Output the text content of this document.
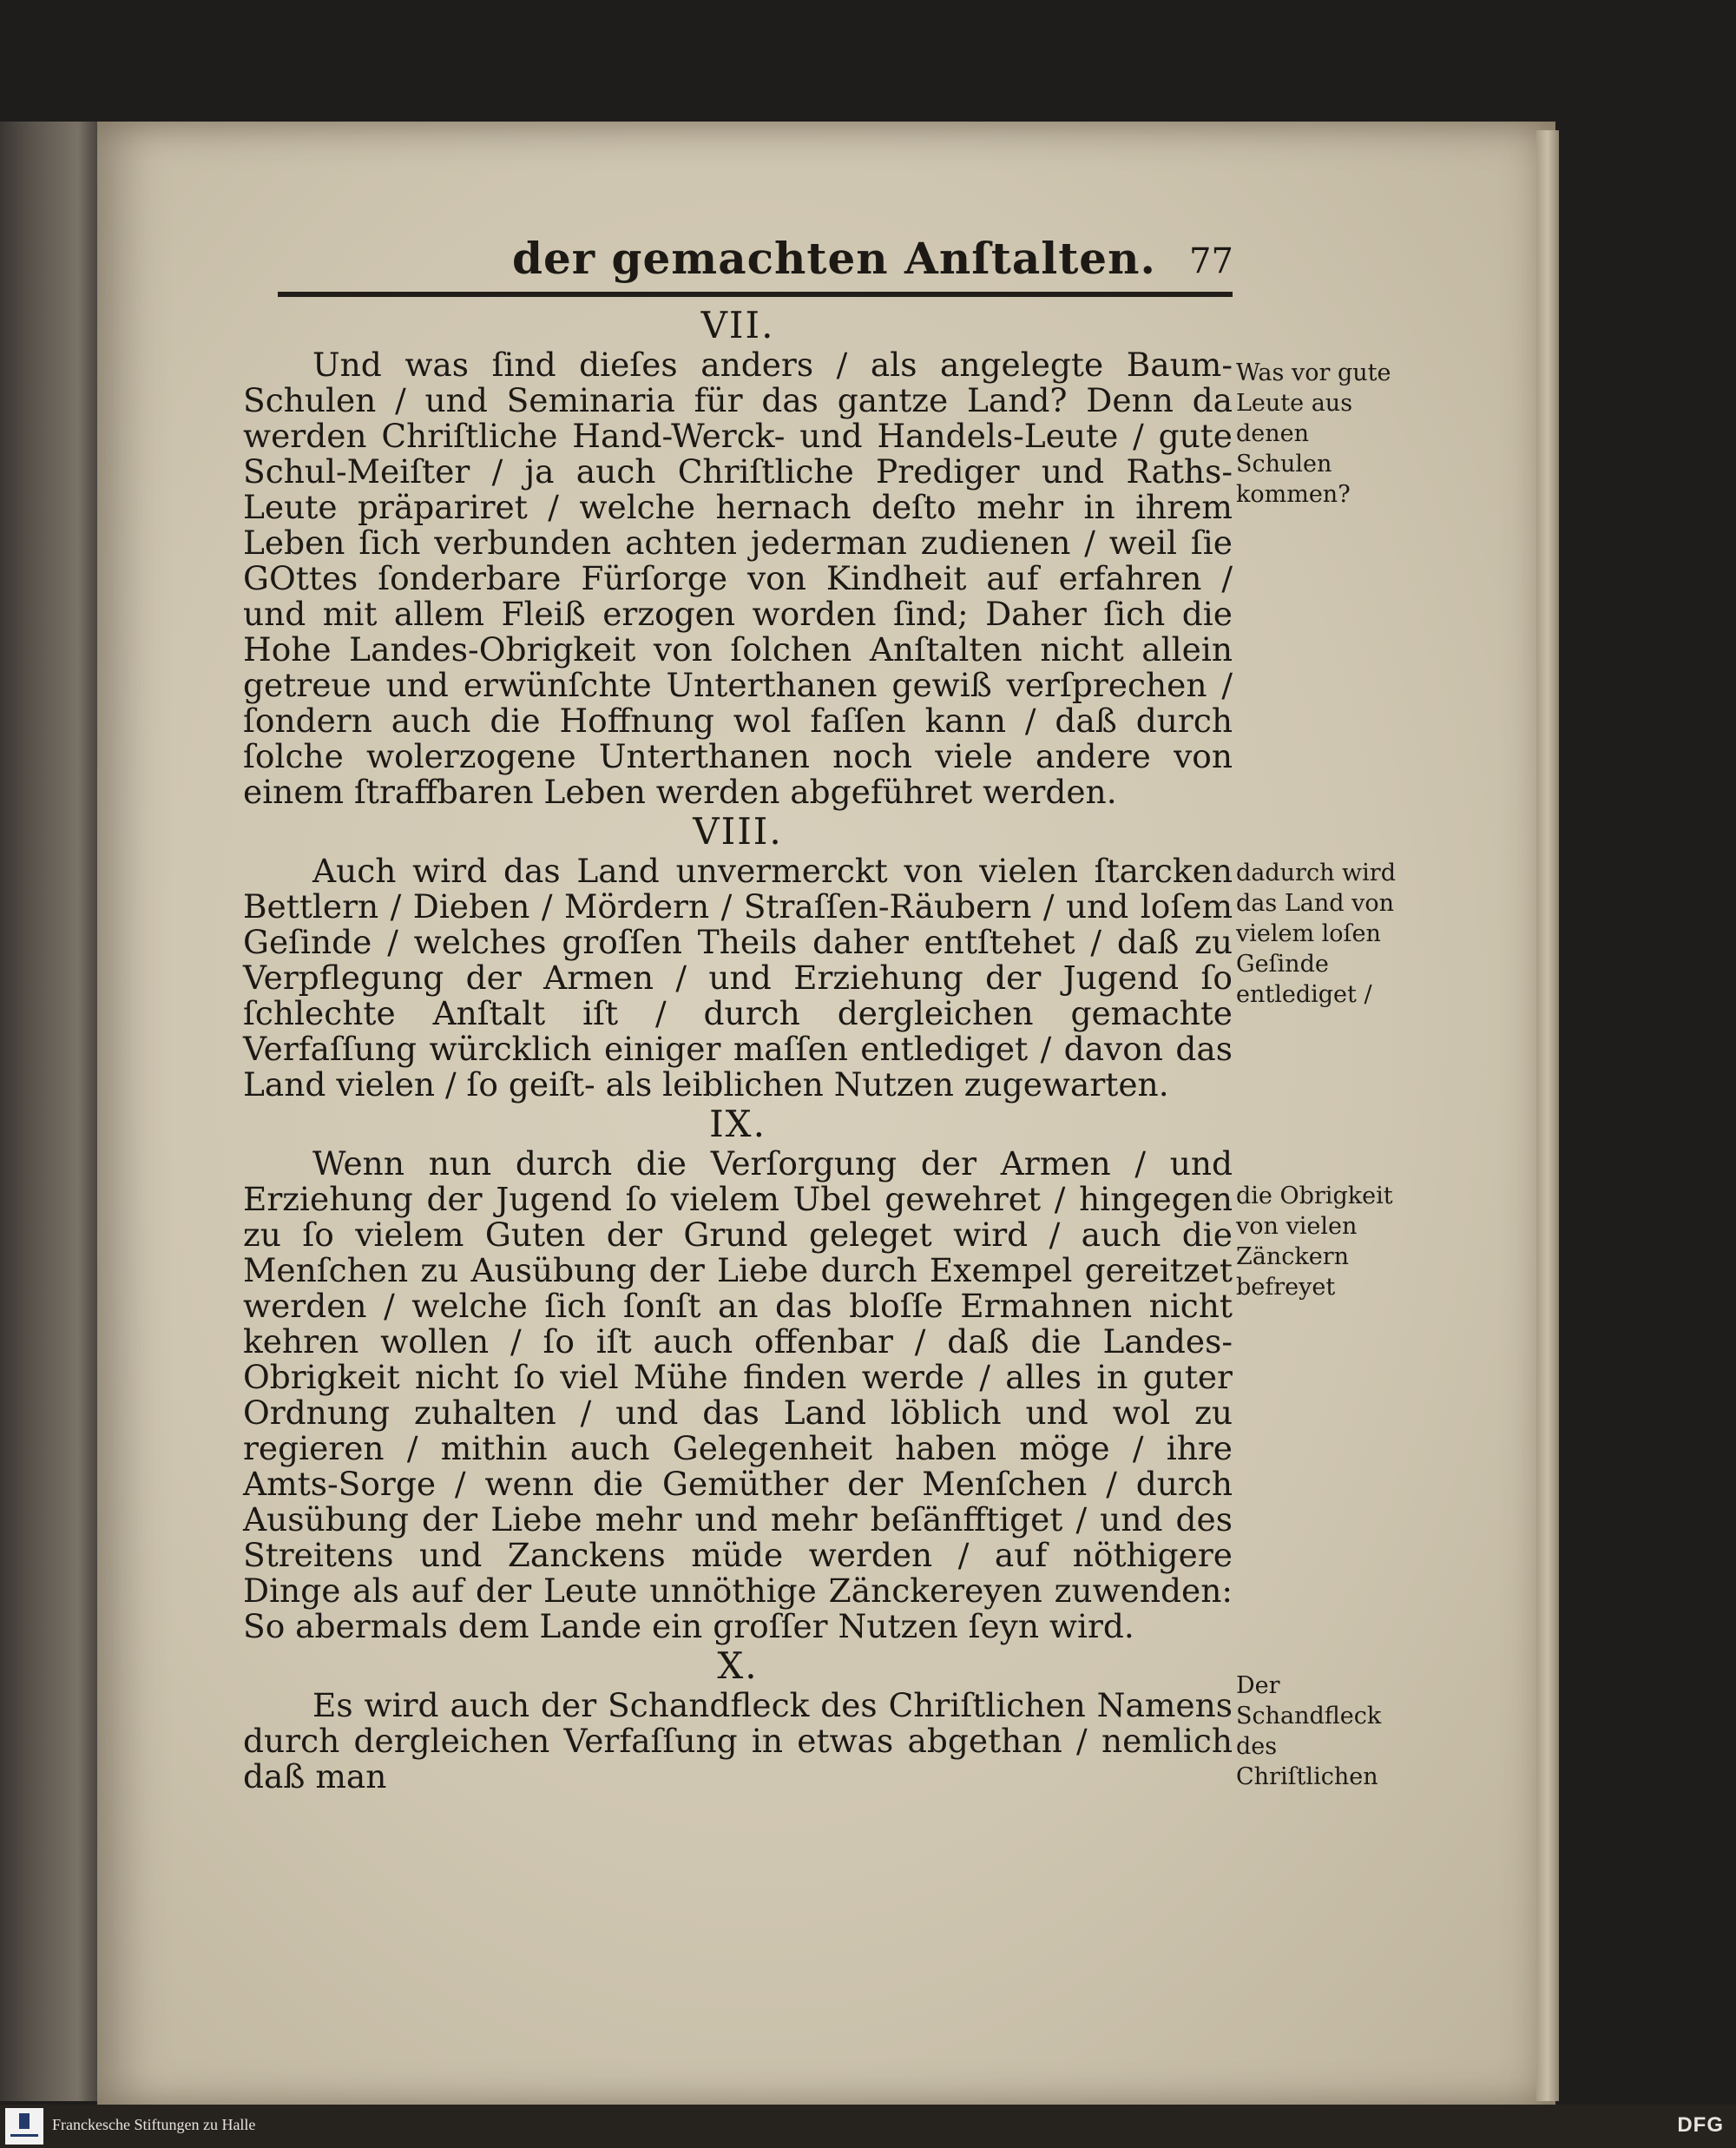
der gemachten Anſtalten. 77
VII.

Und was ſind dieſes anders / als angelegte Baum-Schulen / und Seminaria für das gantze Land? Denn da werden Chriſtliche Hand-Werck- und Handels-Leute / gute Schul-Meiſter / ja auch Chriſtliche Prediger und Raths-Leute präpariret / welche hernach deſto mehr in ihrem Leben ſich verbunden achten jederman zudienen / weil ſie GOttes ſonderbare Fürſorge von Kindheit auf erfahren / und mit allem Fleiß erzogen worden ſind; Daher ſich die Hohe Landes-Obrigkeit von ſolchen Anſtalten nicht allein getreue und erwünſchte Unterthanen gewiß verſprechen / ſondern auch die Hoffnung wol faſſen kann / daß durch ſolche wolerzogene Unterthanen noch viele andere von einem ſtraffbaren Leben werden abgeführet werden.

VIII.

Auch wird das Land unvermerckt von vielen ſtarcken Bettlern / Dieben / Mördern / Straſſen-Räubern / und loſem Geſinde / welches groſſen Theils daher entſtehet / daß zu Verpflegung der Armen / und Erziehung der Jugend ſo ſchlechte Anſtalt iſt / durch dergleichen gemachte Verfaſſung würcklich einiger maſſen entlediget / davon das Land vielen / ſo geiſt- als leiblichen Nutzen zugewarten.

IX.

Wenn nun durch die Verſorgung der Armen / und Erziehung der Jugend ſo vielem Ubel gewehret / hingegen zu ſo vielem Guten der Grund geleget wird / auch die Menſchen zu Ausübung der Liebe durch Exempel gereitzet werden / welche ſich ſonſt an das bloſſe Ermahnen nicht kehren wollen / ſo iſt auch offenbar / daß die Landes-Obrigkeit nicht ſo viel Mühe finden werde / alles in guter Ordnung zuhalten / und das Land löblich und wol zu regieren / mithin auch Gelegenheit haben möge / ihre Amts-Sorge / wenn die Gemüther der Menſchen / durch Ausübung der Liebe mehr und mehr beſänfftiget / und des Streitens und Zanckens müde werden / auf nöthigere Dinge als auf der Leute unnöthige Zänckereyen zuwenden: So abermals dem Lande ein groſſer Nutzen ſeyn wird.

X.

Es wird auch der Schandfleck des Chriſtlichen Namens durch dergleichen Verfaſſung in etwas abgethan / nemlich daß man

Was vor gute Leute aus denen Schulen kommen?
dadurch wird das Land von vielem loſen Geſinde entlediget /
die Obrigkeit von vielen Zänckern befreyet
Der Schandfleck des Chriſtlichen
Franckesche Stiftungen zu Halle	DFG
